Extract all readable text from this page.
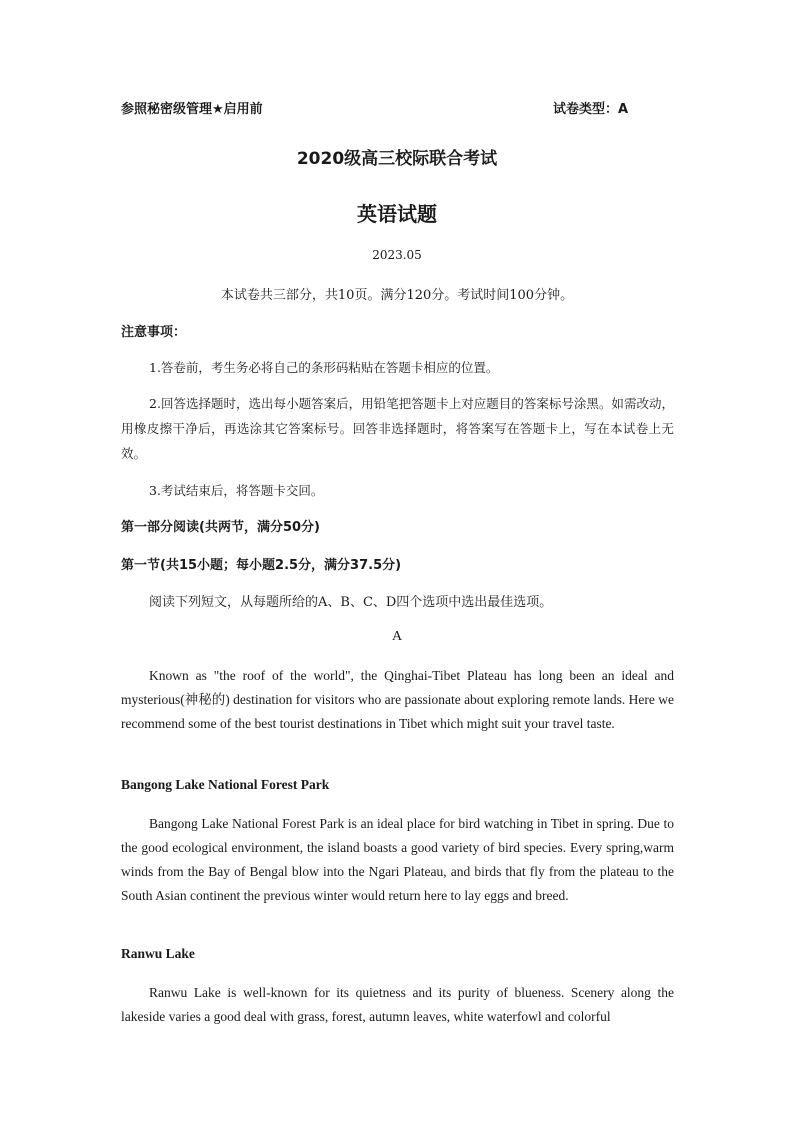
参照秘密级管理★启用前	试卷类型：A
2020级高三校际联合考试
英语试题
2023.05
本试卷共三部分，共10页。满分120分。考试时间100分钟。
注意事项：

1.答卷前，考生务必将自己的条形码粘贴在答题卡相应的位置。

2.回答选择题时，选出每小题答案后，用铅笔把答题卡上对应题目的答案标号涂黑。如需改动，用橡皮擦干净后，再选涂其它答案标号。回答非选择题时，将答案写在答题卡上，写在本试卷上无效。

3.考试结束后，将答题卡交回。

第一部分阅读(共两节，满分50分)
第一节(共15小题；每小题2.5分，满分37.5分)
阅读下列短文，从每题所给的A、B、C、D四个选项中选出最佳选项。
A

Known as "the roof of the world", the Qinghai-Tibet Plateau has long been an ideal and mysterious(神秘的) destination for visitors who are passionate about exploring remote lands. Here we recommend some of the best tourist destinations in Tibet which might suit your travel taste.

Bangong Lake National Forest Park

Bangong Lake National Forest Park is an ideal place for bird watching in Tibet in spring. Due to the good ecological environment, the island boasts a good variety of bird species. Every spring,warm winds from the Bay of Bengal blow into the Ngari Plateau, and birds that fly from the plateau to the South Asian continent the previous winter would return here to lay eggs and breed.

Ranwu Lake

Ranwu Lake is well-known for its quietness and its purity of blueness. Scenery along the lakeside varies a good deal with grass, forest, autumn leaves, white waterfowl and colorful
